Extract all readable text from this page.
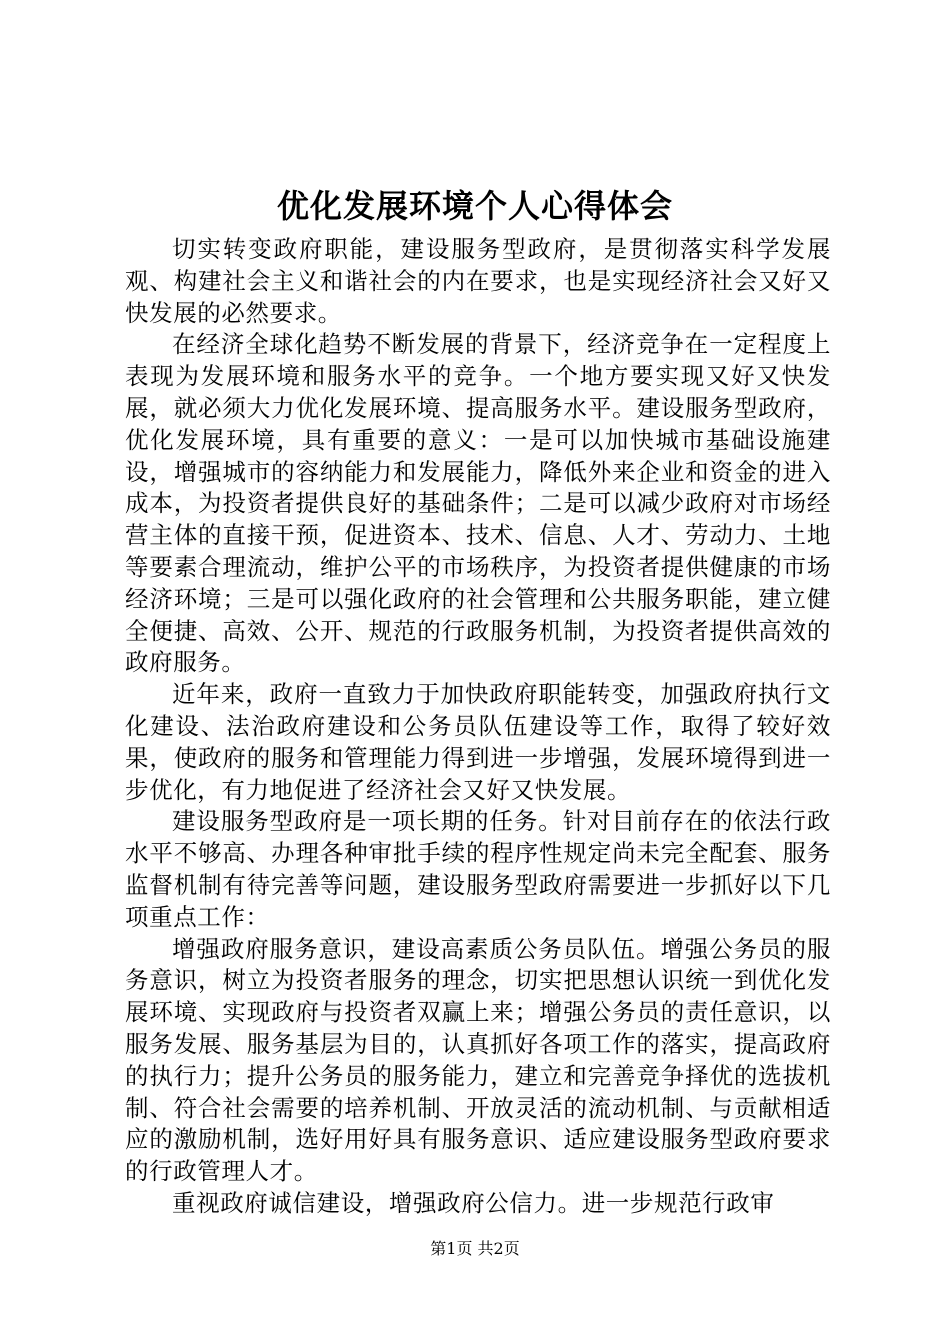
优化发展环境个人心得体会

切实转变政府职能，建设服务型政府，是贯彻落实科学发展观、构建社会主义和谐社会的内在要求，也是实现经济社会又好又快发展的必然要求。

在经济全球化趋势不断发展的背景下，经济竞争在一定程度上表现为发展环境和服务水平的竞争。一个地方要实现又好又快发展，就必须大力优化发展环境、提高服务水平。建设服务型政府，优化发展环境，具有重要的意义：一是可以加快城市基础设施建设，增强城市的容纳能力和发展能力，降低外来企业和资金的进入成本，为投资者提供良好的基础条件；二是可以减少政府对市场经营主体的直接干预，促进资本、技术、信息、人才、劳动力、土地等要素合理流动，维护公平的市场秩序，为投资者提供健康的市场经济环境；三是可以强化政府的社会管理和公共服务职能，建立健全便捷、高效、公开、规范的行政服务机制，为投资者提供高效的政府服务。

近年来，政府一直致力于加快政府职能转变，加强政府执行文化建设、法治政府建设和公务员队伍建设等工作，取得了较好效果，使政府的服务和管理能力得到进一步增强，发展环境得到进一步优化，有力地促进了经济社会又好又快发展。

建设服务型政府是一项长期的任务。针对目前存在的依法行政水平不够高、办理各种审批手续的程序性规定尚未完全配套、服务监督机制有待完善等问题，建设服务型政府需要进一步抓好以下几项重点工作：

增强政府服务意识，建设高素质公务员队伍。增强公务员的服务意识，树立为投资者服务的理念，切实把思想认识统一到优化发展环境、实现政府与投资者双赢上来；增强公务员的责任意识，以服务发展、服务基层为目的，认真抓好各项工作的落实，提高政府的执行力；提升公务员的服务能力，建立和完善竞争择优的选拔机制、符合社会需要的培养机制、开放灵活的流动机制、与贡献相适应的激励机制，选好用好具有服务意识、适应建设服务型政府要求的行政管理人才。

重视政府诚信建设，增强政府公信力。进一步规范行政审

第1页 共2页
